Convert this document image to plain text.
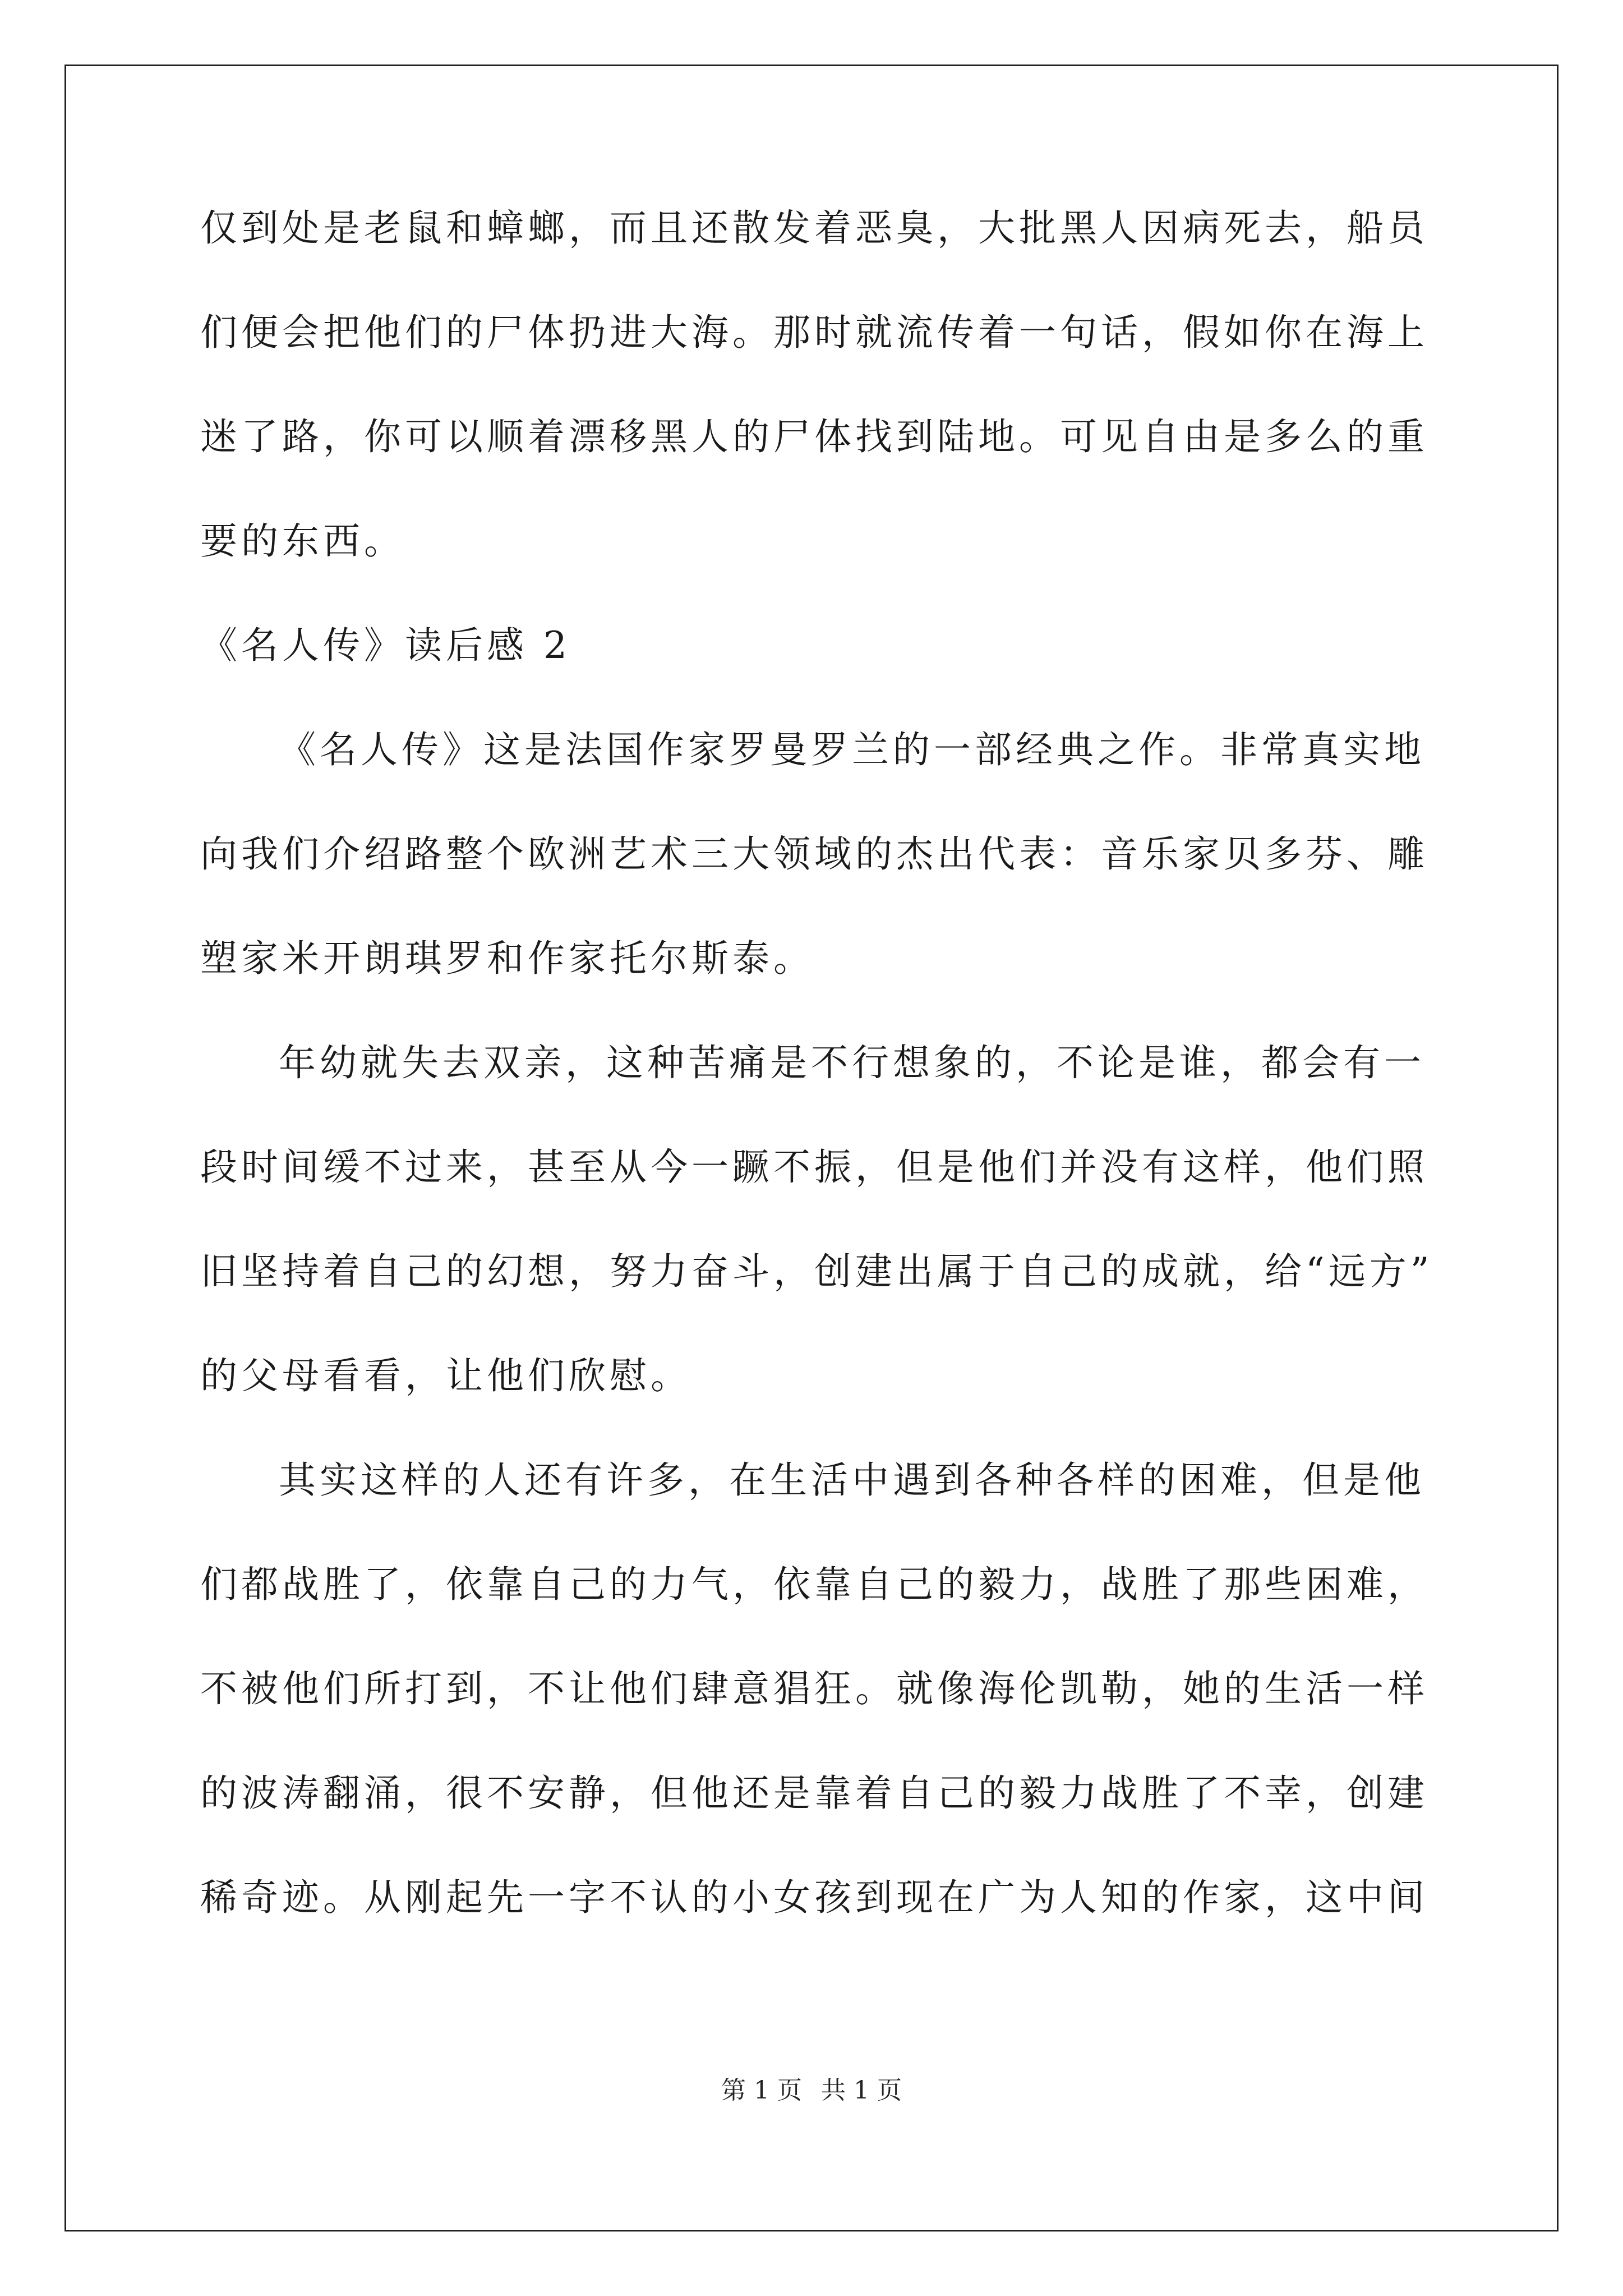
仅到处是老鼠和蟑螂，而且还散发着恶臭，大批黑人因病死去，船员
们便会把他们的尸体扔进大海。那时就流传着一句话，假如你在海上
迷了路，你可以顺着漂移黑人的尸体找到陆地。可见自由是多么的重
要的东西。
《名人传》读后感 2
《名人传》这是法国作家罗曼罗兰的一部经典之作。非常真实地
向我们介绍路整个欧洲艺术三大领域的杰出代表：音乐家贝多芬、雕
塑家米开朗琪罗和作家托尔斯泰。
年幼就失去双亲，这种苦痛是不行想象的，不论是谁，都会有一
段时间缓不过来，甚至从今一蹶不振，但是他们并没有这样，他们照
旧坚持着自己的幻想，努力奋斗，创建出属于自己的成就，给“远方”
的父母看看，让他们欣慰。
其实这样的人还有许多，在生活中遇到各种各样的困难，但是他
们都战胜了，依靠自己的力气，依靠自己的毅力，战胜了那些困难，
不被他们所打到，不让他们肆意猖狂。就像海伦凯勒，她的生活一样
的波涛翻涌，很不安静，但他还是靠着自己的毅力战胜了不幸，创建
稀奇迹。从刚起先一字不认的小女孩到现在广为人知的作家，这中间
第 1 页 共 1 页
